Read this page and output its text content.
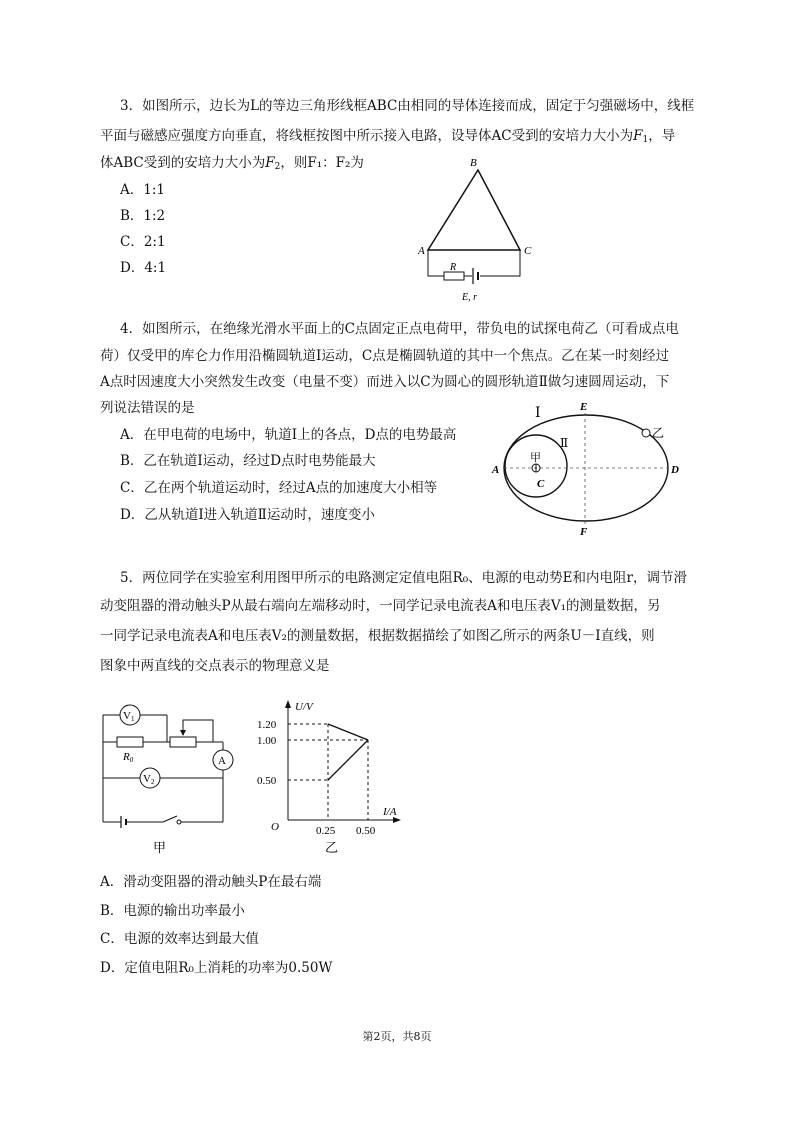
3．如图所示，边长为L的等边三角形线框ABC由相同的导体连接而成，固定于匀强磁场中，线框
平面与磁感应强度方向垂直，将线框按图中所示接入电路，设导体AC受到的安培力大小为$F_1$，导
体ABC受到的安培力大小为$F_2$，则F₁：F₂为
A．1:1
B．1:2
C．2:1
D．4:1
B
A	C
R
E, r
4．如图所示，在绝缘光滑水平面上的C点固定正点电荷甲，带负电的试探电荷乙（可看成点电
荷）仅受甲的库仑力作用沿椭圆轨道Ⅰ运动，C点是椭圆轨道的其中一个焦点。乙在某一时刻经过
A点时因速度大小突然发生改变（电量不变）而进入以C为圆心的圆形轨道Ⅱ做匀速圆周运动，下
列说法错误的是
A．在甲电荷的电场中，轨道Ⅰ上的各点，D点的电势最高
B．乙在轨道Ⅰ运动，经过D点时电势能最大
C．乙在两个轨道运动时，经过A点的加速度大小相等
D．乙从轨道Ⅰ进入轨道Ⅱ运动时，速度变小
Ⅰ
Ⅱ
E
F
A	D
C
甲
乙
5．两位同学在实验室利用图甲所示的电路测定定值电阻R₀、电源的电动势E和内电阻r，调节滑
动变阻器的滑动触头P从最右端向左端移动时，一同学记录电流表A和电压表V₁的测量数据，另
一同学记录电流表A和电压表V₂的测量数据，根据数据描绘了如图乙所示的两条U－I直线，则
图象中两直线的交点表示的物理意义是
V1
R0	A
V2
甲
U/V
I/A
O
1.20
1.00
0.50
0.25 0.50
乙
A．滑动变阻器的滑动触头P在最右端
B．电源的输出功率最小
C．电源的效率达到最大值
D．定值电阻R₀上消耗的功率为0.50W
第2页，共8页
